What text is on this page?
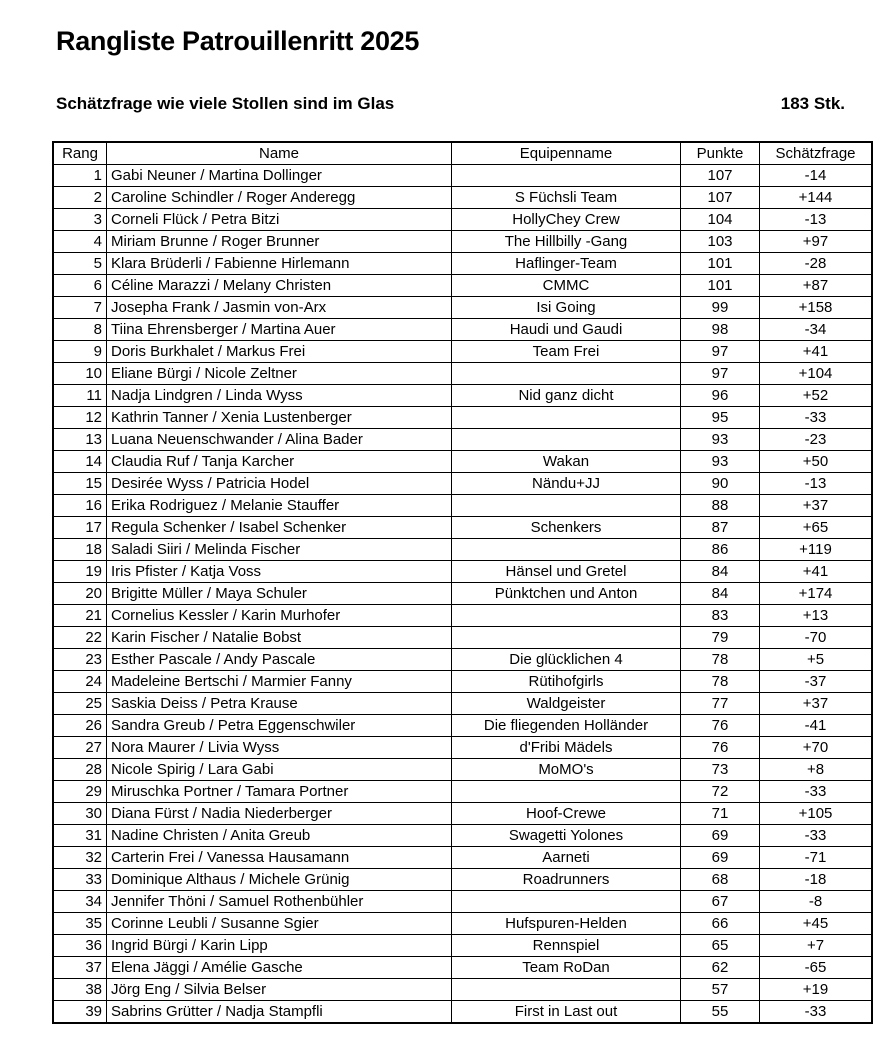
Rangliste Patrouillenritt 2025
Schätzfrage wie viele Stollen sind im Glas	183 Stk.
Rang	Name	Equipenname	Punkte	Schätzfrage
1	Gabi Neuner / Martina Dollinger		107	-14
2	Caroline Schindler / Roger Anderegg	S Füchsli Team	107	+144
3	Corneli Flück / Petra Bitzi	HollyChey Crew	104	-13
4	Miriam Brunne / Roger Brunner	The Hillbilly -Gang	103	+97
5	Klara Brüderli / Fabienne Hirlemann	Haflinger-Team	101	-28
6	Céline Marazzi / Melany Christen	CMMC	101	+87
7	Josepha Frank / Jasmin von-Arx	Isi Going	99	+158
8	Tiina Ehrensberger / Martina Auer	Haudi und Gaudi	98	-34
9	Doris Burkhalet / Markus Frei	Team Frei	97	+41
10	Eliane Bürgi / Nicole Zeltner		97	+104
11	Nadja Lindgren / Linda Wyss	Nid ganz dicht	96	+52
12	Kathrin Tanner / Xenia Lustenberger		95	-33
13	Luana Neuenschwander / Alina Bader		93	-23
14	Claudia Ruf / Tanja Karcher	Wakan	93	+50
15	Desirée Wyss / Patricia Hodel	Nändu+JJ	90	-13
16	Erika Rodriguez / Melanie Stauffer		88	+37
17	Regula Schenker / Isabel Schenker	Schenkers	87	+65
18	Saladi Siiri / Melinda Fischer		86	+119
19	Iris Pfister / Katja Voss	Hänsel und Gretel	84	+41
20	Brigitte Müller / Maya Schuler	Pünktchen und Anton	84	+174
21	Cornelius Kessler / Karin Murhofer		83	+13
22	Karin Fischer / Natalie Bobst		79	-70
23	Esther Pascale / Andy Pascale	Die glücklichen 4	78	+5
24	Madeleine Bertschi / Marmier Fanny	Rütihofgirls	78	-37
25	Saskia Deiss / Petra Krause	Waldgeister	77	+37
26	Sandra Greub / Petra Eggenschwiler	Die fliegenden Holländer	76	-41
27	Nora Maurer / Livia Wyss	d'Fribi Mädels	76	+70
28	Nicole Spirig / Lara Gabi	MoMO's	73	+8
29	Miruschka Portner / Tamara Portner		72	-33
30	Diana Fürst / Nadia Niederberger	Hoof-Crewe	71	+105
31	Nadine Christen / Anita Greub	Swagetti Yolones	69	-33
32	Carterin Frei / Vanessa Hausamann	Aarneti	69	-71
33	Dominique Althaus / Michele Grünig	Roadrunners	68	-18
34	Jennifer Thöni / Samuel Rothenbühler		67	-8
35	Corinne Leubli / Susanne Sgier	Hufspuren-Helden	66	+45
36	Ingrid Bürgi / Karin Lipp	Rennspiel	65	+7
37	Elena Jäggi / Amélie Gasche	Team RoDan	62	-65
38	Jörg Eng / Silvia Belser		57	+19
39	Sabrins Grütter / Nadja Stampfli	First in Last out	55	-33
